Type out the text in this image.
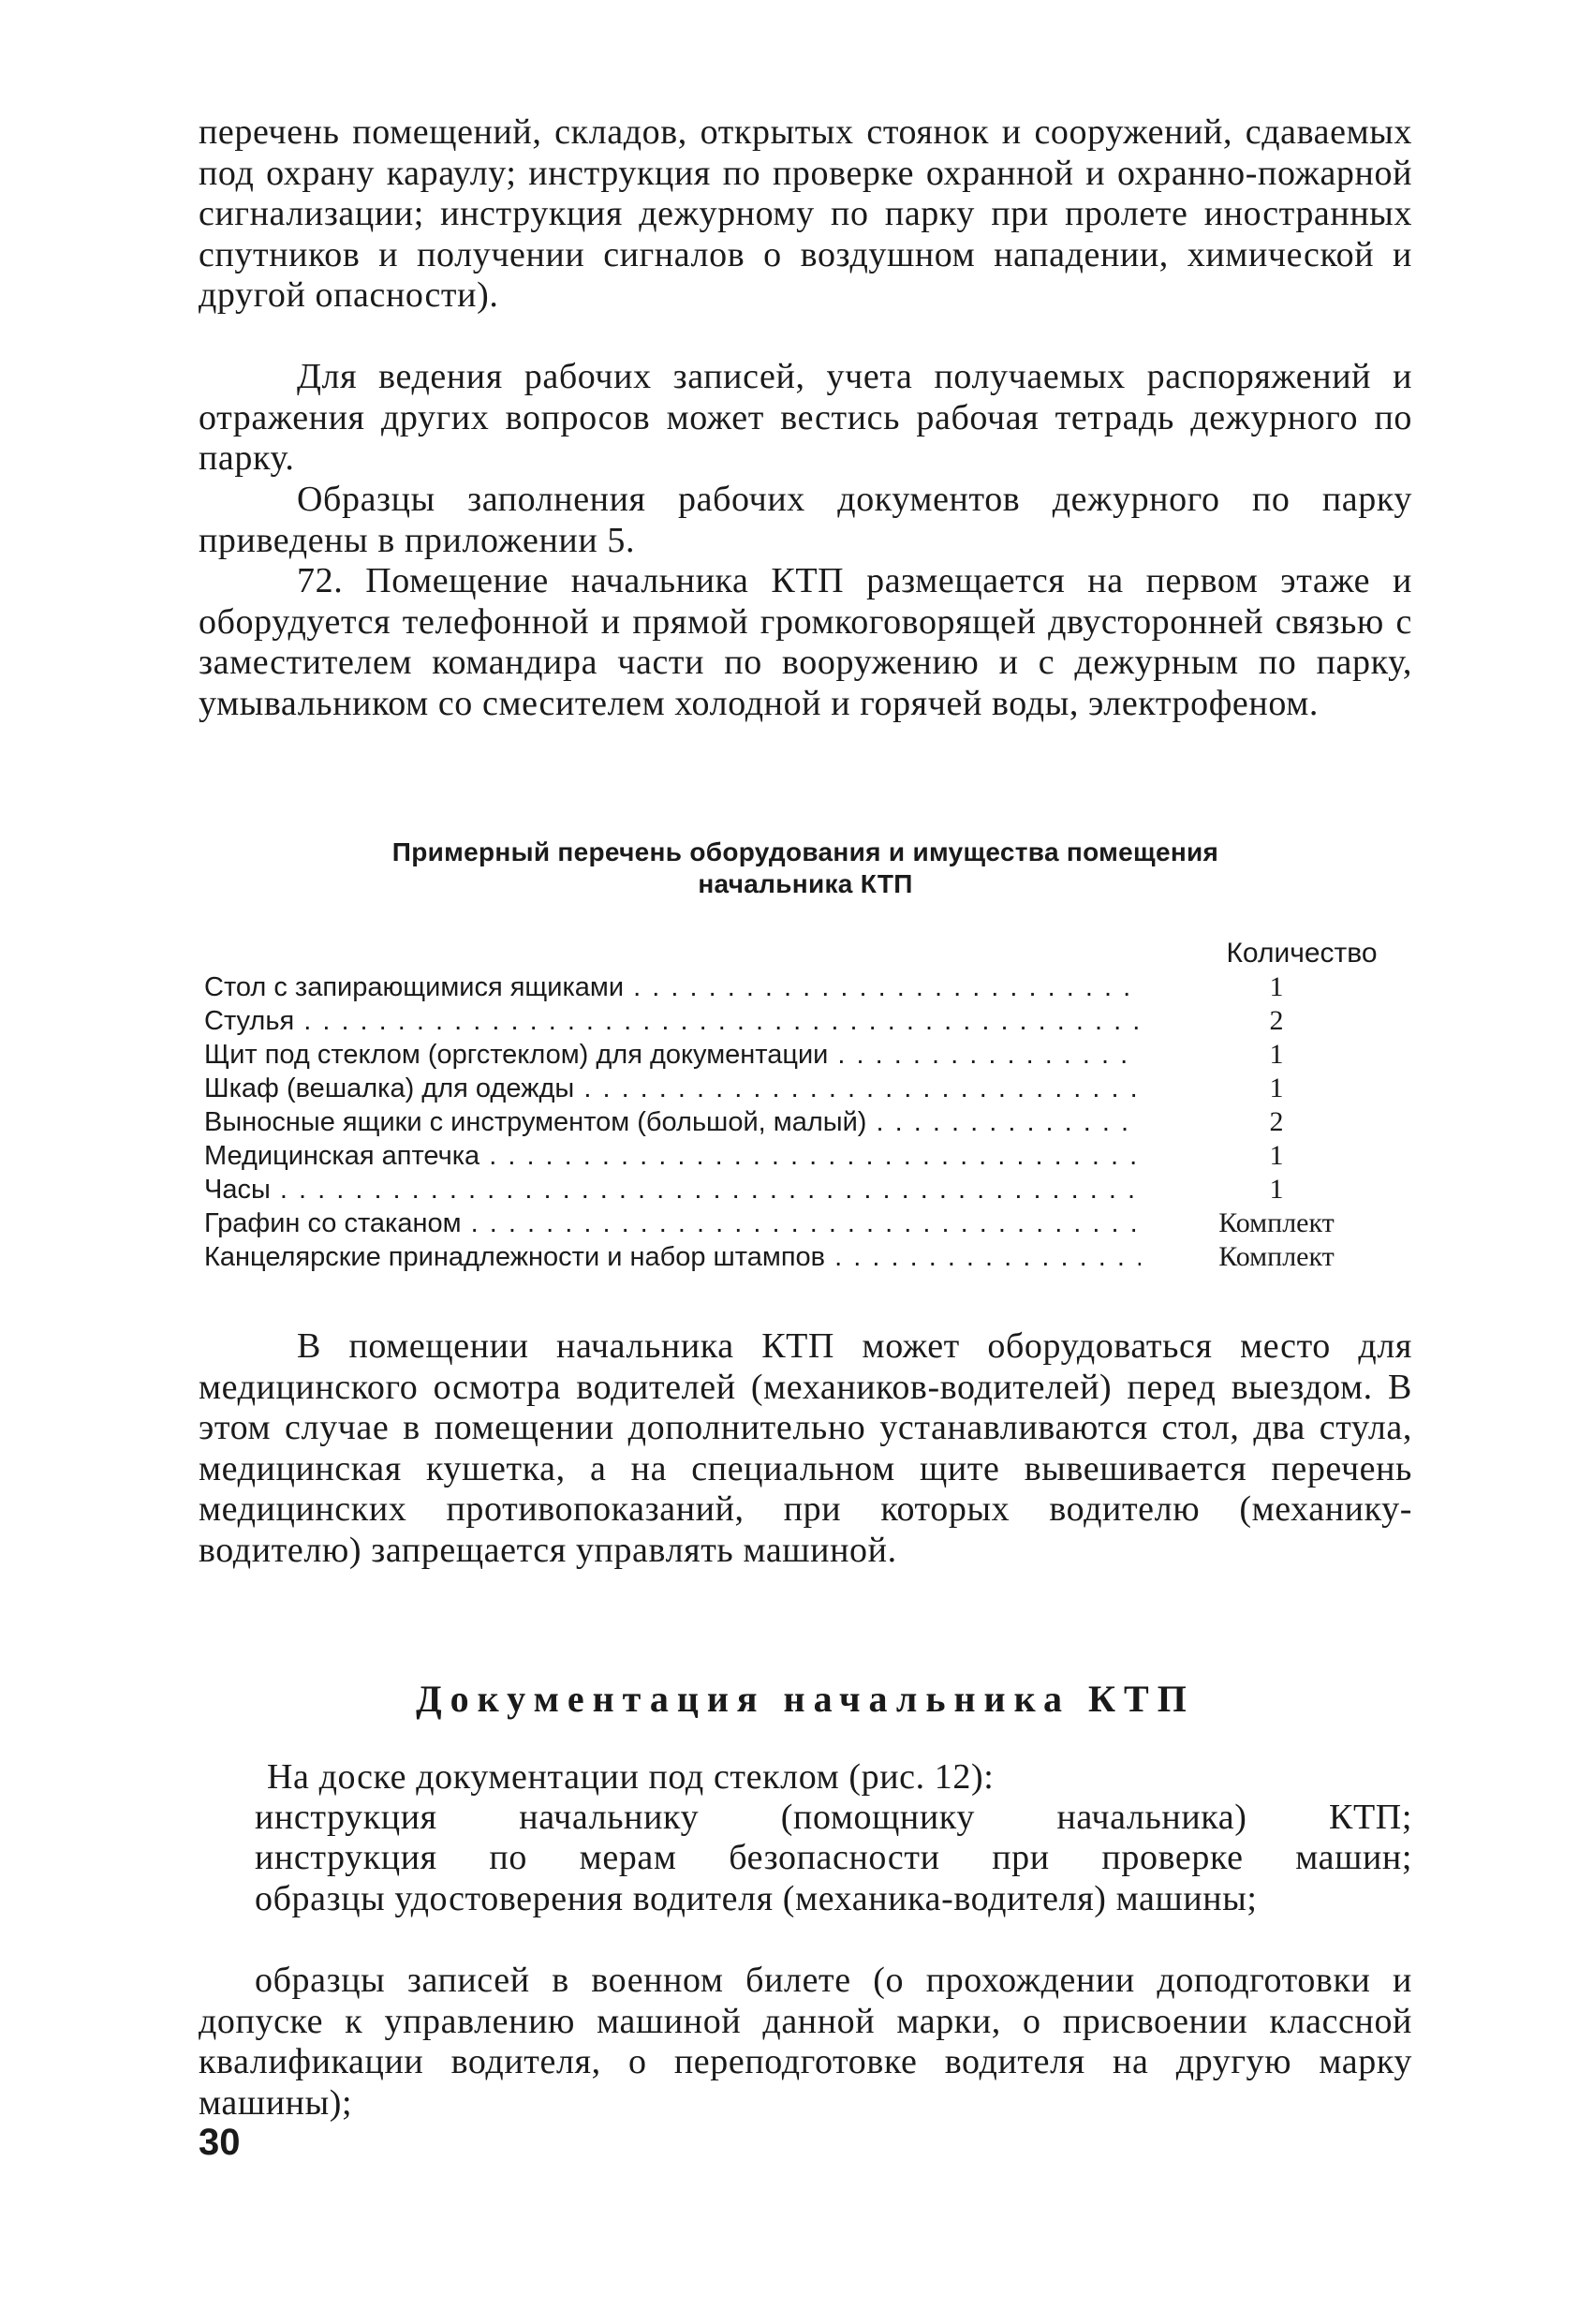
перечень помещений, складов, открытых стоянок и сооружений, сдаваемых под охрану караулу; инструкция по проверке охранной и охранно-пожарной сигнализации; инструкция дежурному по парку при пролете иностранных спутников и получении сигналов о воздушном нападении, химической и другой опасности).

Для ведения рабочих записей, учета получаемых распоряжений и отражения других вопросов может вестись рабочая тетрадь дежурного по парку.

Образцы заполнения рабочих документов дежурного по парку приведены в приложении 5.

72. Помещение начальника КТП размещается на первом этаже и оборудуется телефонной и прямой громкоговорящей двусторонней связью с заместителем командира части по вооружению и с дежурным по парку, умывальником со смесителем холодной и горячей воды, электрофеном.

Примерный перечень оборудования и имущества помещения

начальника КТП

Количество
Стол с запирающимися ящиками . . .	1
Стулья . . .	2
Щит под стеклом (оргстеклом) для документации . . .	1
Шкаф (вешалка) для одежды . . .	1
Выносные ящики с инструментом (большой, малый) . . .	2
Медицинская аптечка . . .	1
Часы . . .	1
Графин со стаканом . . .	Комплект
Канцелярские принадлежности и набор штампов . . .	Комплект

В помещении начальника КТП может оборудоваться место для медицинского осмотра водителей (механиков-водителей) перед выездом. В этом случае в помещении дополнительно устанавливаются стол, два стула, медицинская кушетка, а на специальном щите вывешивается перечень медицинских противопоказаний, при которых водителю (механику-водителю) запрещается управлять машиной.

Документация начальника КТП

На доске документации под стеклом (рис. 12):

инструкция начальнику (помощнику начальника) КТП;

инструкция по мерам безопасности при проверке машин;

образцы удостоверения водителя (механика-водителя) машины;

образцы записей в военном билете (о прохождении доподготовки и допуске к управлению машиной данной марки, о присвоении классной квалификации водителя, о переподготовке водителя на другую марку машины);

30
